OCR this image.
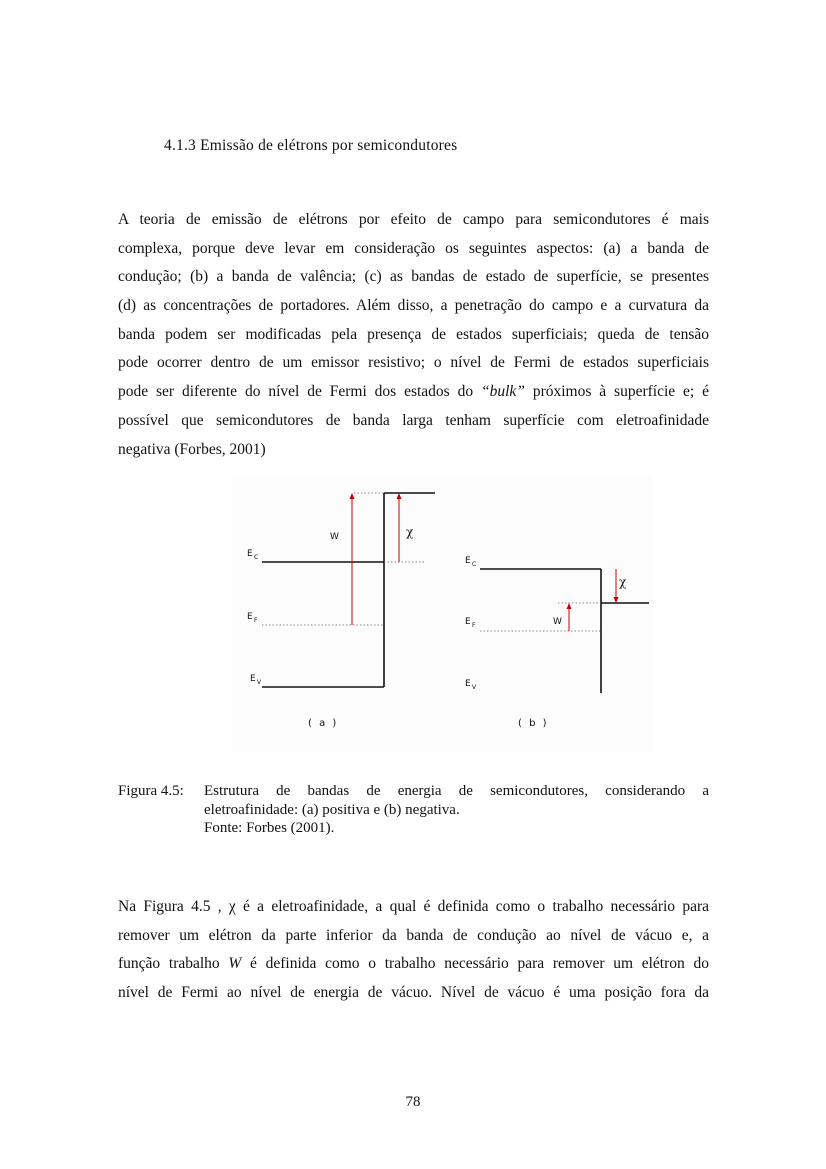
4.1.3 Emissão de elétrons por semicondutores
A teoria de emissão de elétrons por efeito de campo para semicondutores é mais
complexa, porque deve levar em consideração os seguintes aspectos: (a) a banda de
condução; (b) a banda de valência; (c) as bandas de estado de superfície, se presentes
(d) as concentrações de portadores. Além disso, a penetração do campo e a curvatura da
banda podem ser modificadas pela presença de estados superficiais; queda de tensão
pode ocorrer dentro de um emissor resistivo; o nível de Fermi de estados superficiais
pode ser diferente do nível de Fermi dos estados do “bulk” próximos à superfície e; é
possível que semicondutores de banda larga tenham superfície com eletroafinidade
negativa (Forbes, 2001)
W	χ
E C
E F
E V
( a )
W
χ
E C
E F
E V
( b )
Figura 4.5: Estrutura de bandas de energia de semicondutores, considerando a
eletroafinidade: (a) positiva e (b) negativa.
Fonte: Forbes (2001).
Na Figura 4.5 , χ é a eletroafinidade, a qual é definida como o trabalho necessário para
remover um elétron da parte inferior da banda de condução ao nível de vácuo e, a
função trabalho W é definida como o trabalho necessário para remover um elétron do
nível de Fermi ao nível de energia de vácuo. Nível de vácuo é uma posição fora da
78
